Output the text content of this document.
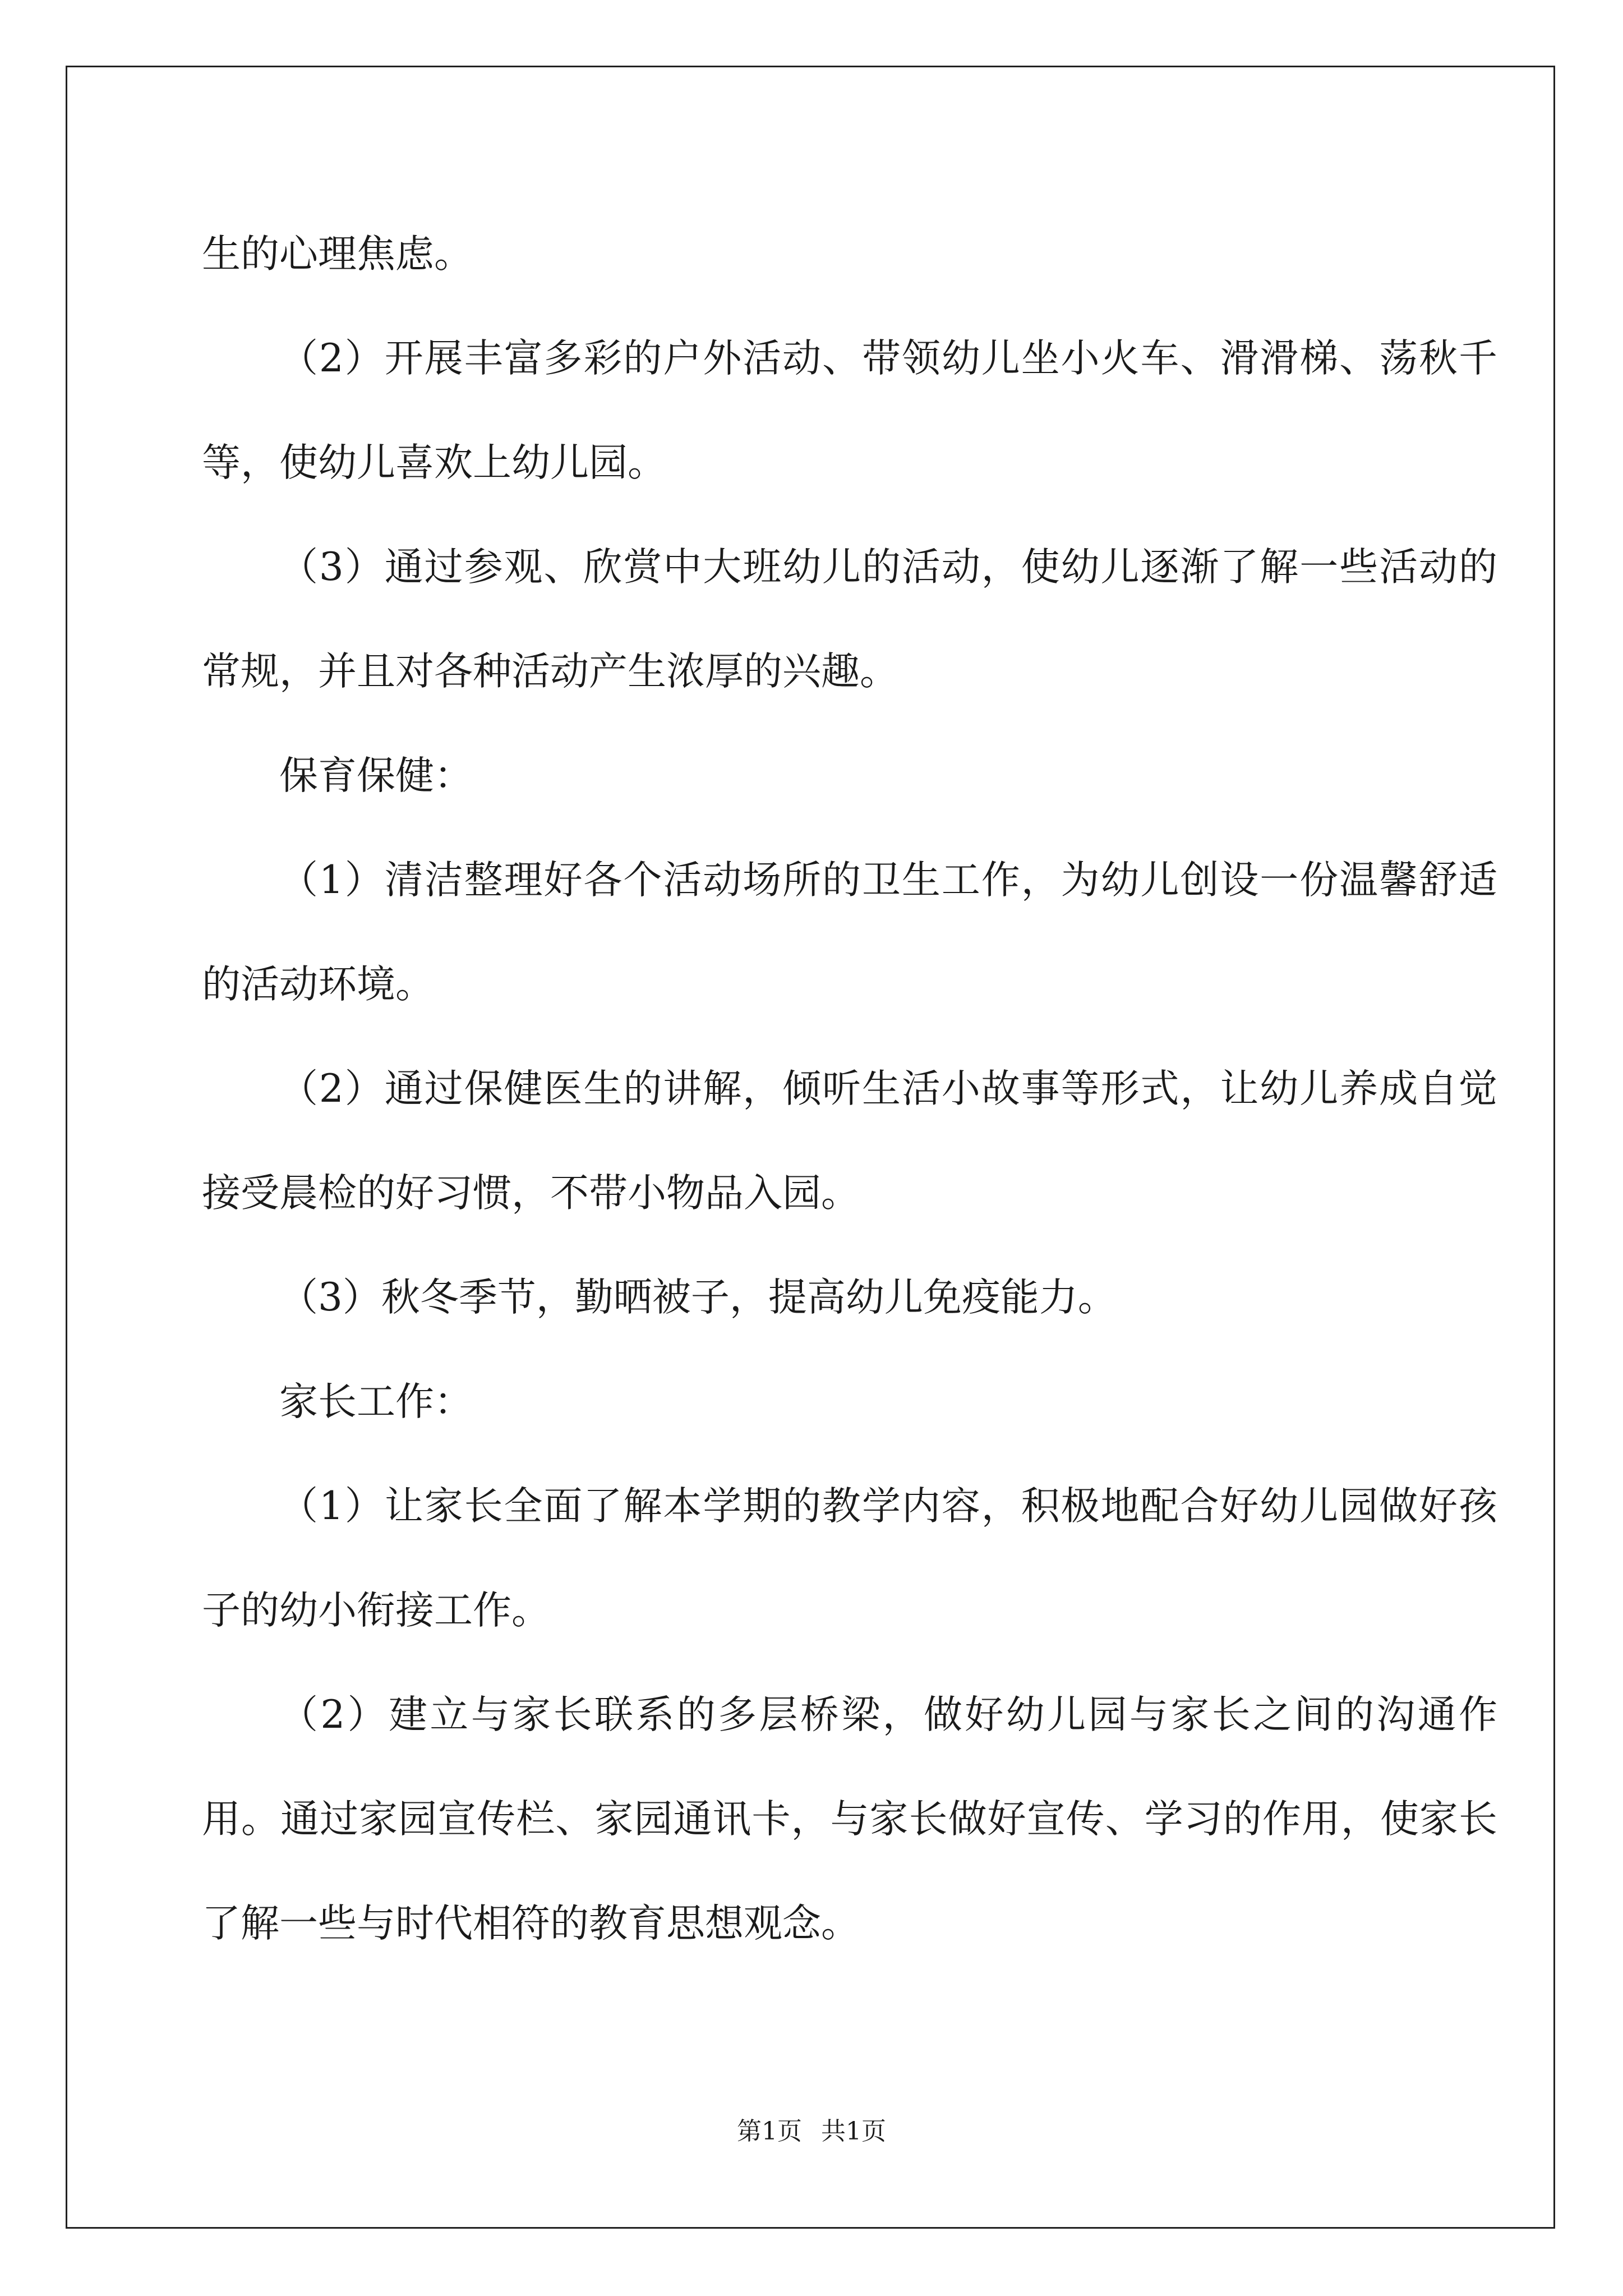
生的心理焦虑。

（2）开展丰富多彩的户外活动、带领幼儿坐小火车、滑滑梯、荡秋千等，使幼儿喜欢上幼儿园。

（3）通过参观、欣赏中大班幼儿的活动，使幼儿逐渐了解一些活动的常规，并且对各种活动产生浓厚的兴趣。

保育保健：

（1）清洁整理好各个活动场所的卫生工作，为幼儿创设一份温馨舒适的活动环境。

（2）通过保健医生的讲解，倾听生活小故事等形式，让幼儿养成自觉接受晨检的好习惯，不带小物品入园。

（3）秋冬季节，勤晒被子，提高幼儿免疫能力。

家长工作：

（1）让家长全面了解本学期的教学内容，积极地配合好幼儿园做好孩子的幼小衔接工作。

（2）建立与家长联系的多层桥梁，做好幼儿园与家长之间的沟通作用。通过家园宣传栏、家园通讯卡，与家长做好宣传、学习的作用，使家长了解一些与时代相符的教育思想观念。

第1页 共1页
